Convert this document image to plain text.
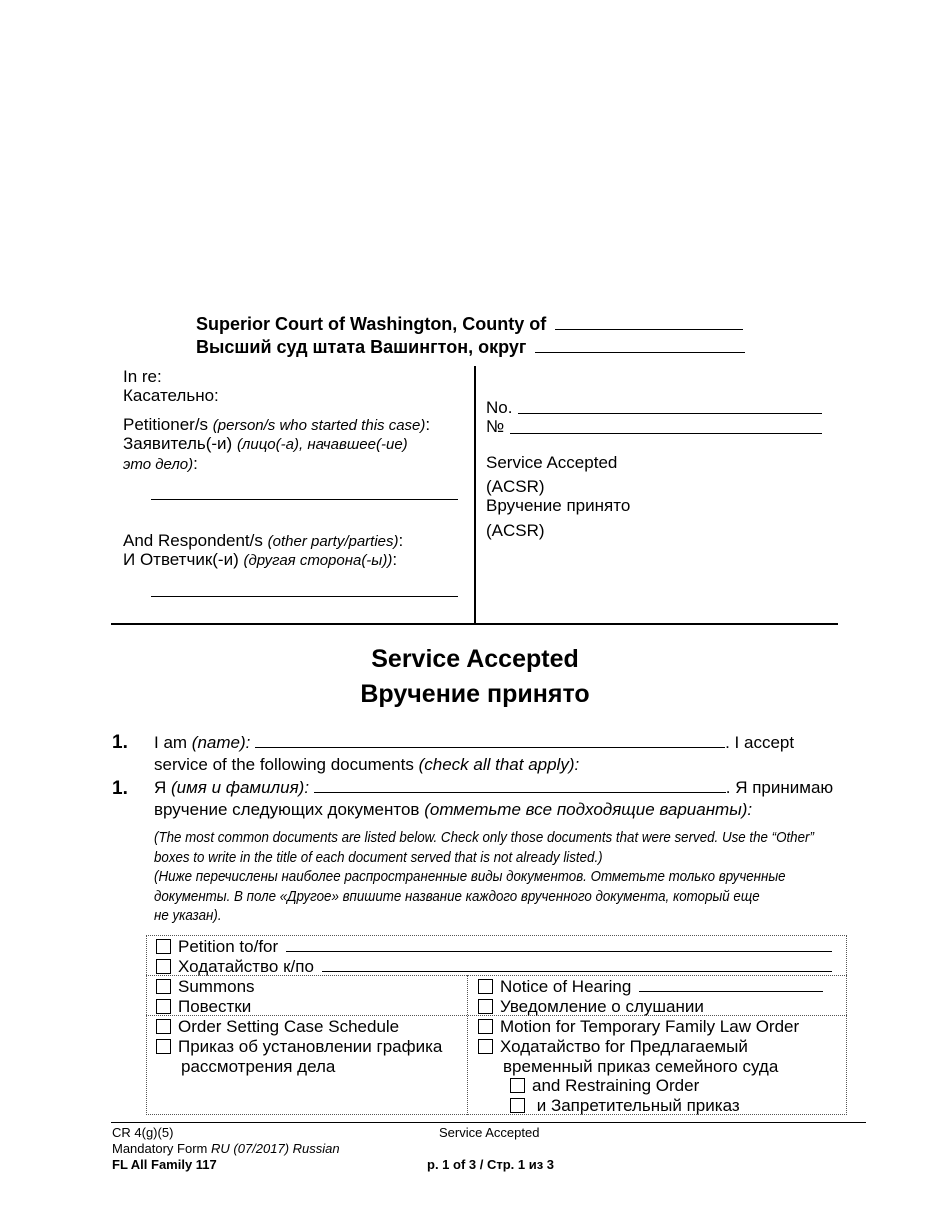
Superior Court of Washington, County of
Высший суд штата Вашингтон, округ
In re:
Касательно:
Petitioner/s (person/s who started this case):
Заявитель(-и) (лицо(-а), начавшее(-ие)
это дело):
And Respondent/s (other party/parties):
И Ответчик(-и) (другая сторона(-ы)):
No.
№
Service Accepted
(ACSR)
Вручение принято
(ACSR)
Service Accepted
Вручение принято
1. I am (name):	. I accept
service of the following documents (check all that apply):
1. Я (имя и фамилия):	. Я принимаю
вручение следующих документов (отметьте все подходящие варианты):
(The most common documents are listed below. Check only those documents that were served. Use the “Other”
boxes to write in the title of each document served that is not already listed.)
(Ниже перечислены наиболее распространенные виды документов. Отметьте только врученные
документы. В поле «Другое» впишите название каждого врученного документа, который еще
не указан).
Petition to/for
Ходатайство к/по
Summons
Повестки
Notice of Hearing
Уведомление о слушании
Order Setting Case Schedule
Приказ об установлении графика
рассмотрения дела
Motion for Temporary Family Law Order
Ходатайство for Предлагаемый
временный приказ семейного суда
and Restraining Order
и Запретительный приказ
CR 4(g)(5)
Mandatory Form RU (07/2017) Russian
FL All Family 117
Service Accepted
p. 1 of 3 / Стр. 1 из 3
